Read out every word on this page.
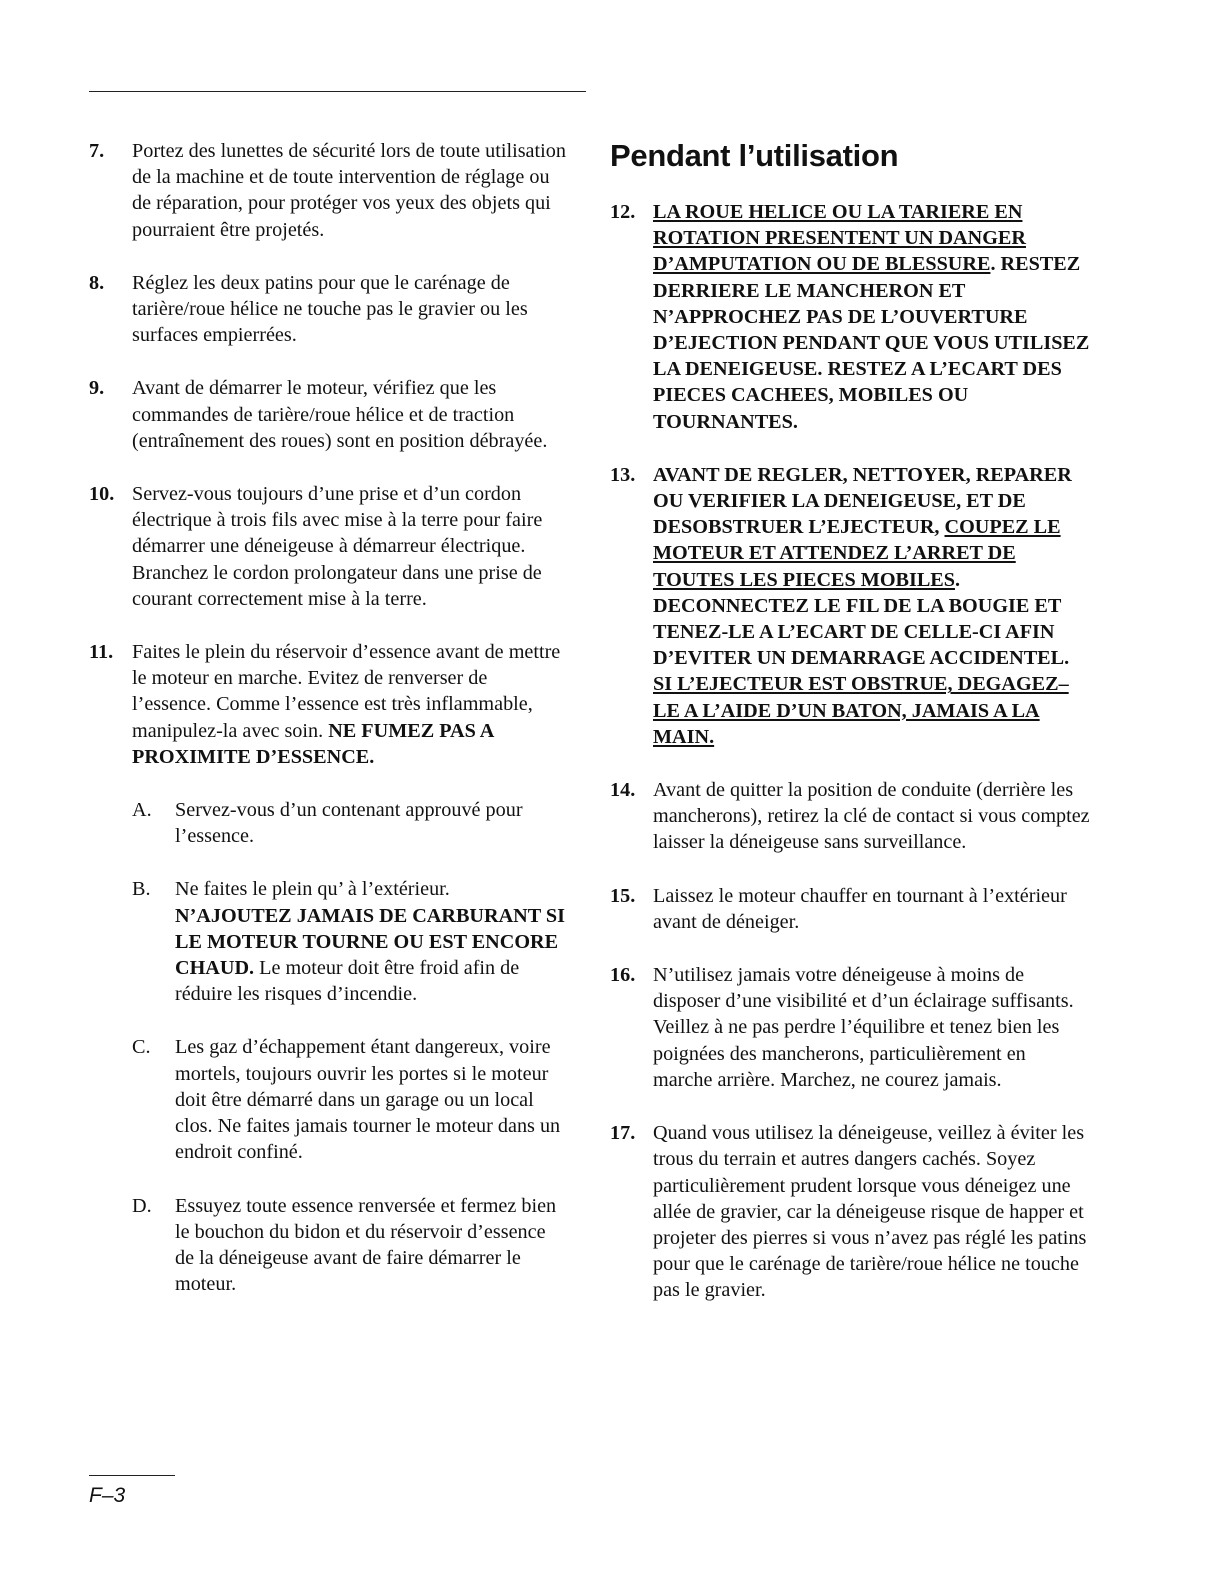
7. Portez des lunettes de sécurité lors de toute utilisation de la machine et de toute intervention de réglage ou de réparation, pour protéger vos yeux des objets qui pourraient être projetés.
8. Réglez les deux patins pour que le carénage de tarière/roue hélice ne touche pas le gravier ou les surfaces empierrées.
9. Avant de démarrer le moteur, vérifiez que les commandes de tarière/roue hélice et de traction (entraînement des roues) sont en position débrayée.
10. Servez-vous toujours d’une prise et d’un cordon électrique à trois fils avec mise à la terre pour faire démarrer une déneigeuse à démarreur électrique. Branchez le cordon prolongateur dans une prise de courant correctement mise à la terre.
11. Faites le plein du réservoir d’essence avant de mettre le moteur en marche. Evitez de renverser de l’essence. Comme l’essence est très inflammable, manipulez-la avec soin. NE FUMEZ PAS A PROXIMITE D’ESSENCE.
A. Servez-vous d’un contenant approuvé pour l’essence.
B. Ne faites le plein qu’ à l’extérieur. N’AJOUTEZ JAMAIS DE CARBURANT SI LE MOTEUR TOURNE OU EST ENCORE CHAUD. Le moteur doit être froid afin de réduire les risques d’incendie.
C. Les gaz d’échappement étant dangereux, voire mortels, toujours ouvrir les portes si le moteur doit être démarré dans un garage ou un local clos. Ne faites jamais tourner le moteur dans un endroit confiné.
D. Essuyez toute essence renversée et fermez bien le bouchon du bidon et du réservoir d’essence de la déneigeuse avant de faire démarrer le moteur.
Pendant l’utilisation
12. LA ROUE HELICE OU LA TARIERE EN ROTATION PRESENTENT UN DANGER D’AMPUTATION OU DE BLESSURE. RESTEZ DERRIERE LE MANCHERON ET N’APPROCHEZ PAS DE L’OUVERTURE D’EJECTION PENDANT QUE VOUS UTILISEZ LA DENEIGEUSE. RESTEZ A L’ECART DES PIECES CACHEES, MOBILES OU TOURNANTES.
13. AVANT DE REGLER, NETTOYER, REPARER OU VERIFIER LA DENEIGEUSE, ET DE DESOBSTRUER L’EJECTEUR, COUPEZ LE MOTEUR ET ATTENDEZ L’ARRET DE TOUTES LES PIECES MOBILES. DECONNECTEZ LE FIL DE LA BOUGIE ET TENEZ-LE A L’ECART DE CELLE-CI AFIN D’EVITER UN DEMARRAGE ACCIDENTEL. SI L’EJECTEUR EST OBSTRUE, DEGAGEZ–LE A L’AIDE D’UN BATON, JAMAIS A LA MAIN.
14. Avant de quitter la position de conduite (derrière les mancherons), retirez la clé de contact si vous comptez laisser la déneigeuse sans surveillance.
15. Laissez le moteur chauffer en tournant à l’extérieur avant de déneiger.
16. N’utilisez jamais votre déneigeuse à moins de disposer d’une visibilité et d’un éclairage suffisants. Veillez à ne pas perdre l’équilibre et tenez bien les poignées des mancherons, particulièrement en marche arrière. Marchez, ne courez jamais.
17. Quand vous utilisez la déneigeuse, veillez à éviter les trous du terrain et autres dangers cachés. Soyez particulièrement prudent lorsque vous déneigez une allée de gravier, car la déneigeuse risque de happer et projeter des pierres si vous n’avez pas réglé les patins pour que le carénage de tarière/roue hélice ne touche pas le gravier.
F–3
